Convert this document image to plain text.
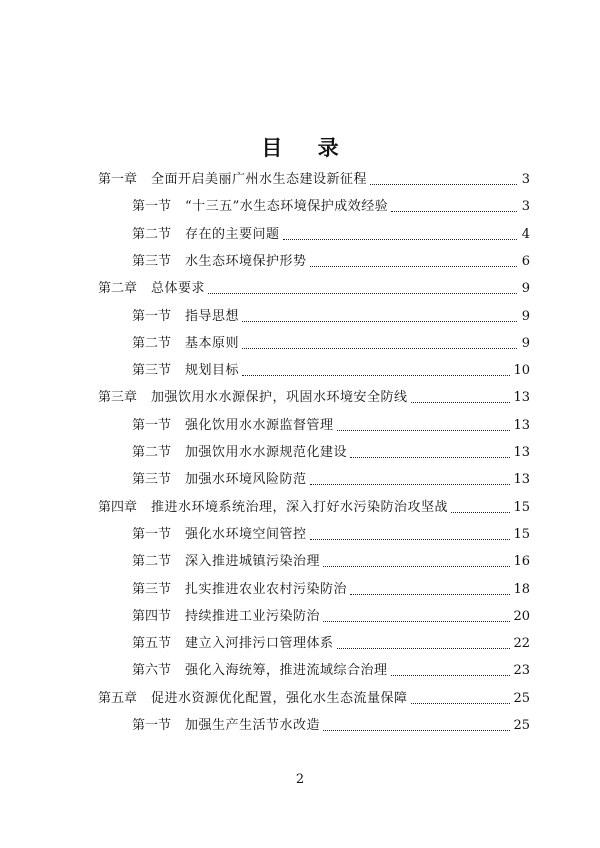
目 录
第一章 全面开启美丽广州水生态建设新征程	3
第一节 “十三五”水生态环境保护成效经验	3
第二节 存在的主要问题	4
第三节 水生态环境保护形势	6
第二章 总体要求	9
第一节 指导思想	9
第二节 基本原则	9
第三节 规划目标	10
第三章 加强饮用水水源保护，巩固水环境安全防线	13
第一节 强化饮用水水源监督管理	13
第二节 加强饮用水水源规范化建设	13
第三节 加强水环境风险防范	13
第四章 推进水环境系统治理，深入打好水污染防治攻坚战	15
第一节 强化水环境空间管控	15
第二节 深入推进城镇污染治理	16
第三节 扎实推进农业农村污染防治	18
第四节 持续推进工业污染防治	20
第五节 建立入河排污口管理体系	22
第六节 强化入海统筹，推进流域综合治理	23
第五章 促进水资源优化配置，强化水生态流量保障	25
第一节 加强生产生活节水改造	25
2
